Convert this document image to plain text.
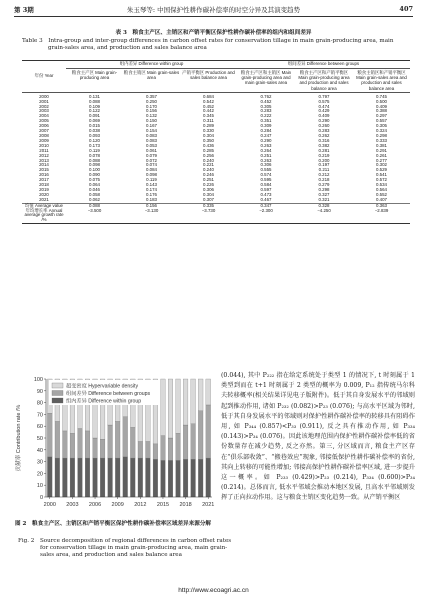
第 3期	朱玉琴等: 中国保护性耕作碳补偿率的时空分异及其演变趋势	407
表 3　粮食主产区、主销区和产销平衡区保护性耕作碳补偿率的组内和组间差异
Table 3　Intra-group and inter-group differences in carbon offset rates for conservation tillage in main grain-producing area, main grain-sales area, and production and sales balance area
年份 Year	组内差异 Difference within group			组间差异 Difference between groups		
	粮食主产区 Main grain-producing area	粮食主销区 Main grain-sales area	产销平衡区 Production and sales balance area	粮食主产区和主销区 Main grain-producing area and main grain-sales area	粮食主产区和产销平衡区 Main grain-producing area and production and sales balance area	粮食主销区和产销平衡区 Main grain-sales area and production and sales balance area
2000	0.131	0.357	0.684	0.762	0.797	0.745
2001	0.088	0.250	0.542	0.452	0.575	0.500
2002	0.109	0.170	0.452	0.305	0.474	0.409
2003	0.122	0.156	0.442	0.283	0.429	0.388
2004	0.091	0.132	0.345	0.222	0.409	0.297
2005	0.069	0.150	0.311	0.351	0.290	0.557
2006	0.015	0.167	0.289	0.309	0.260	0.305
2007	0.038	0.154	0.330	0.284	0.283	0.324
2008	0.093	0.083	0.304	0.247	0.262	0.298
2009	0.120	0.083	0.350	0.290	0.316	0.333
2010	0.173	0.053	0.436	0.263	0.382	0.381
2011	0.119	0.061	0.285	0.264	0.281	0.291
2012	0.078	0.079	0.256	0.251	0.219	0.261
2013	0.088	0.072	0.240	0.263	0.200	0.277
2014	0.098	0.074	0.221	0.306	0.197	0.302
2015	0.100	0.084	0.240	0.555	0.211	0.529
2016	0.090	0.098	0.246	0.574	0.212	0.541
2017	0.075	0.119	0.251	0.595	0.218	0.572
2018	0.064	0.143	0.226	0.584	0.279	0.534
2019	0.046	0.174	0.306	0.597	0.298	0.564
2020	0.058	0.176	0.304	0.473	0.327	0.552
2021	0.062	0.183	0.307	0.467	0.321	0.407
均值 Average value	0.088	0.156	0.335	0.347	0.328	0.363
年均增长率 Annual average growth rate /%	−3.500	−3.130	−3.730	−2.300	−4.250	−2.839
0
10
20
30
40
50
60
70
80
90
100
2000 2003 2006 2009 2012 2015 2018 2021
贡献率 Contribution rate /%
超变密度 Hypervariable density
组间差异 Difference between groups
组内差异 Difference within group
图 2　粮食主产区、主销区和产销平衡区保护性耕作碳补偿率区域差异来源分解
Fig. 2　Source decomposition of regional differences in carbon offset rates for conservation tillage in main grain-producing area, main grain-sales area, and production and sales balance area
(0.044), 其中 P₂₂₂ 指在给定系统处于类型 1 的情况下, t 时刻属于 1 类型到而在 t+1 时刻属于 2 类型的概率为 0.009, P₁₂ 指传统马尔科夫转移概率(相关结果详见电子版附件)。低于其自身发展水平的邻域则起到推动作用, 诸如 P₂₃₂ (0.082)>P₂₃ (0.076); 与高水平区域为邻时, 低于其自身发展水平的邻域则对保护性耕作碳补偿率的转移具有阻碍作用, 如 P₃₄₄ (0.857)<P₃₃ (0.911), 反之具有推动作用, 如 P₃₃₄ (0.143)>P₃₄ (0.076)。因此该地理范围内保护性耕作碳补偿率低的省份数量存在减少趋势, 反之亦然。第三, 分区域而言, 粮食主产区存在“俱乐部收敛”、“搬巷效应”现象, 邻接低保护性耕作碳补偿率的省份, 其向上转移的可能性增加; 邻接高保护性耕作碳补偿率区域, 进一步提升这一概率。如 P₂₃₃ (0.429)>P₂₃ (0.214), P₃₃₄ (0.600)>P₃₄ (0.214)。总体而言, 低水平邻域会推动本地区发展, 且高水平邻域则发挥了正向拉动作用。这与粮食主销区变化趋势一致。从产销平衡区
http://www.ecoagri.ac.cn
